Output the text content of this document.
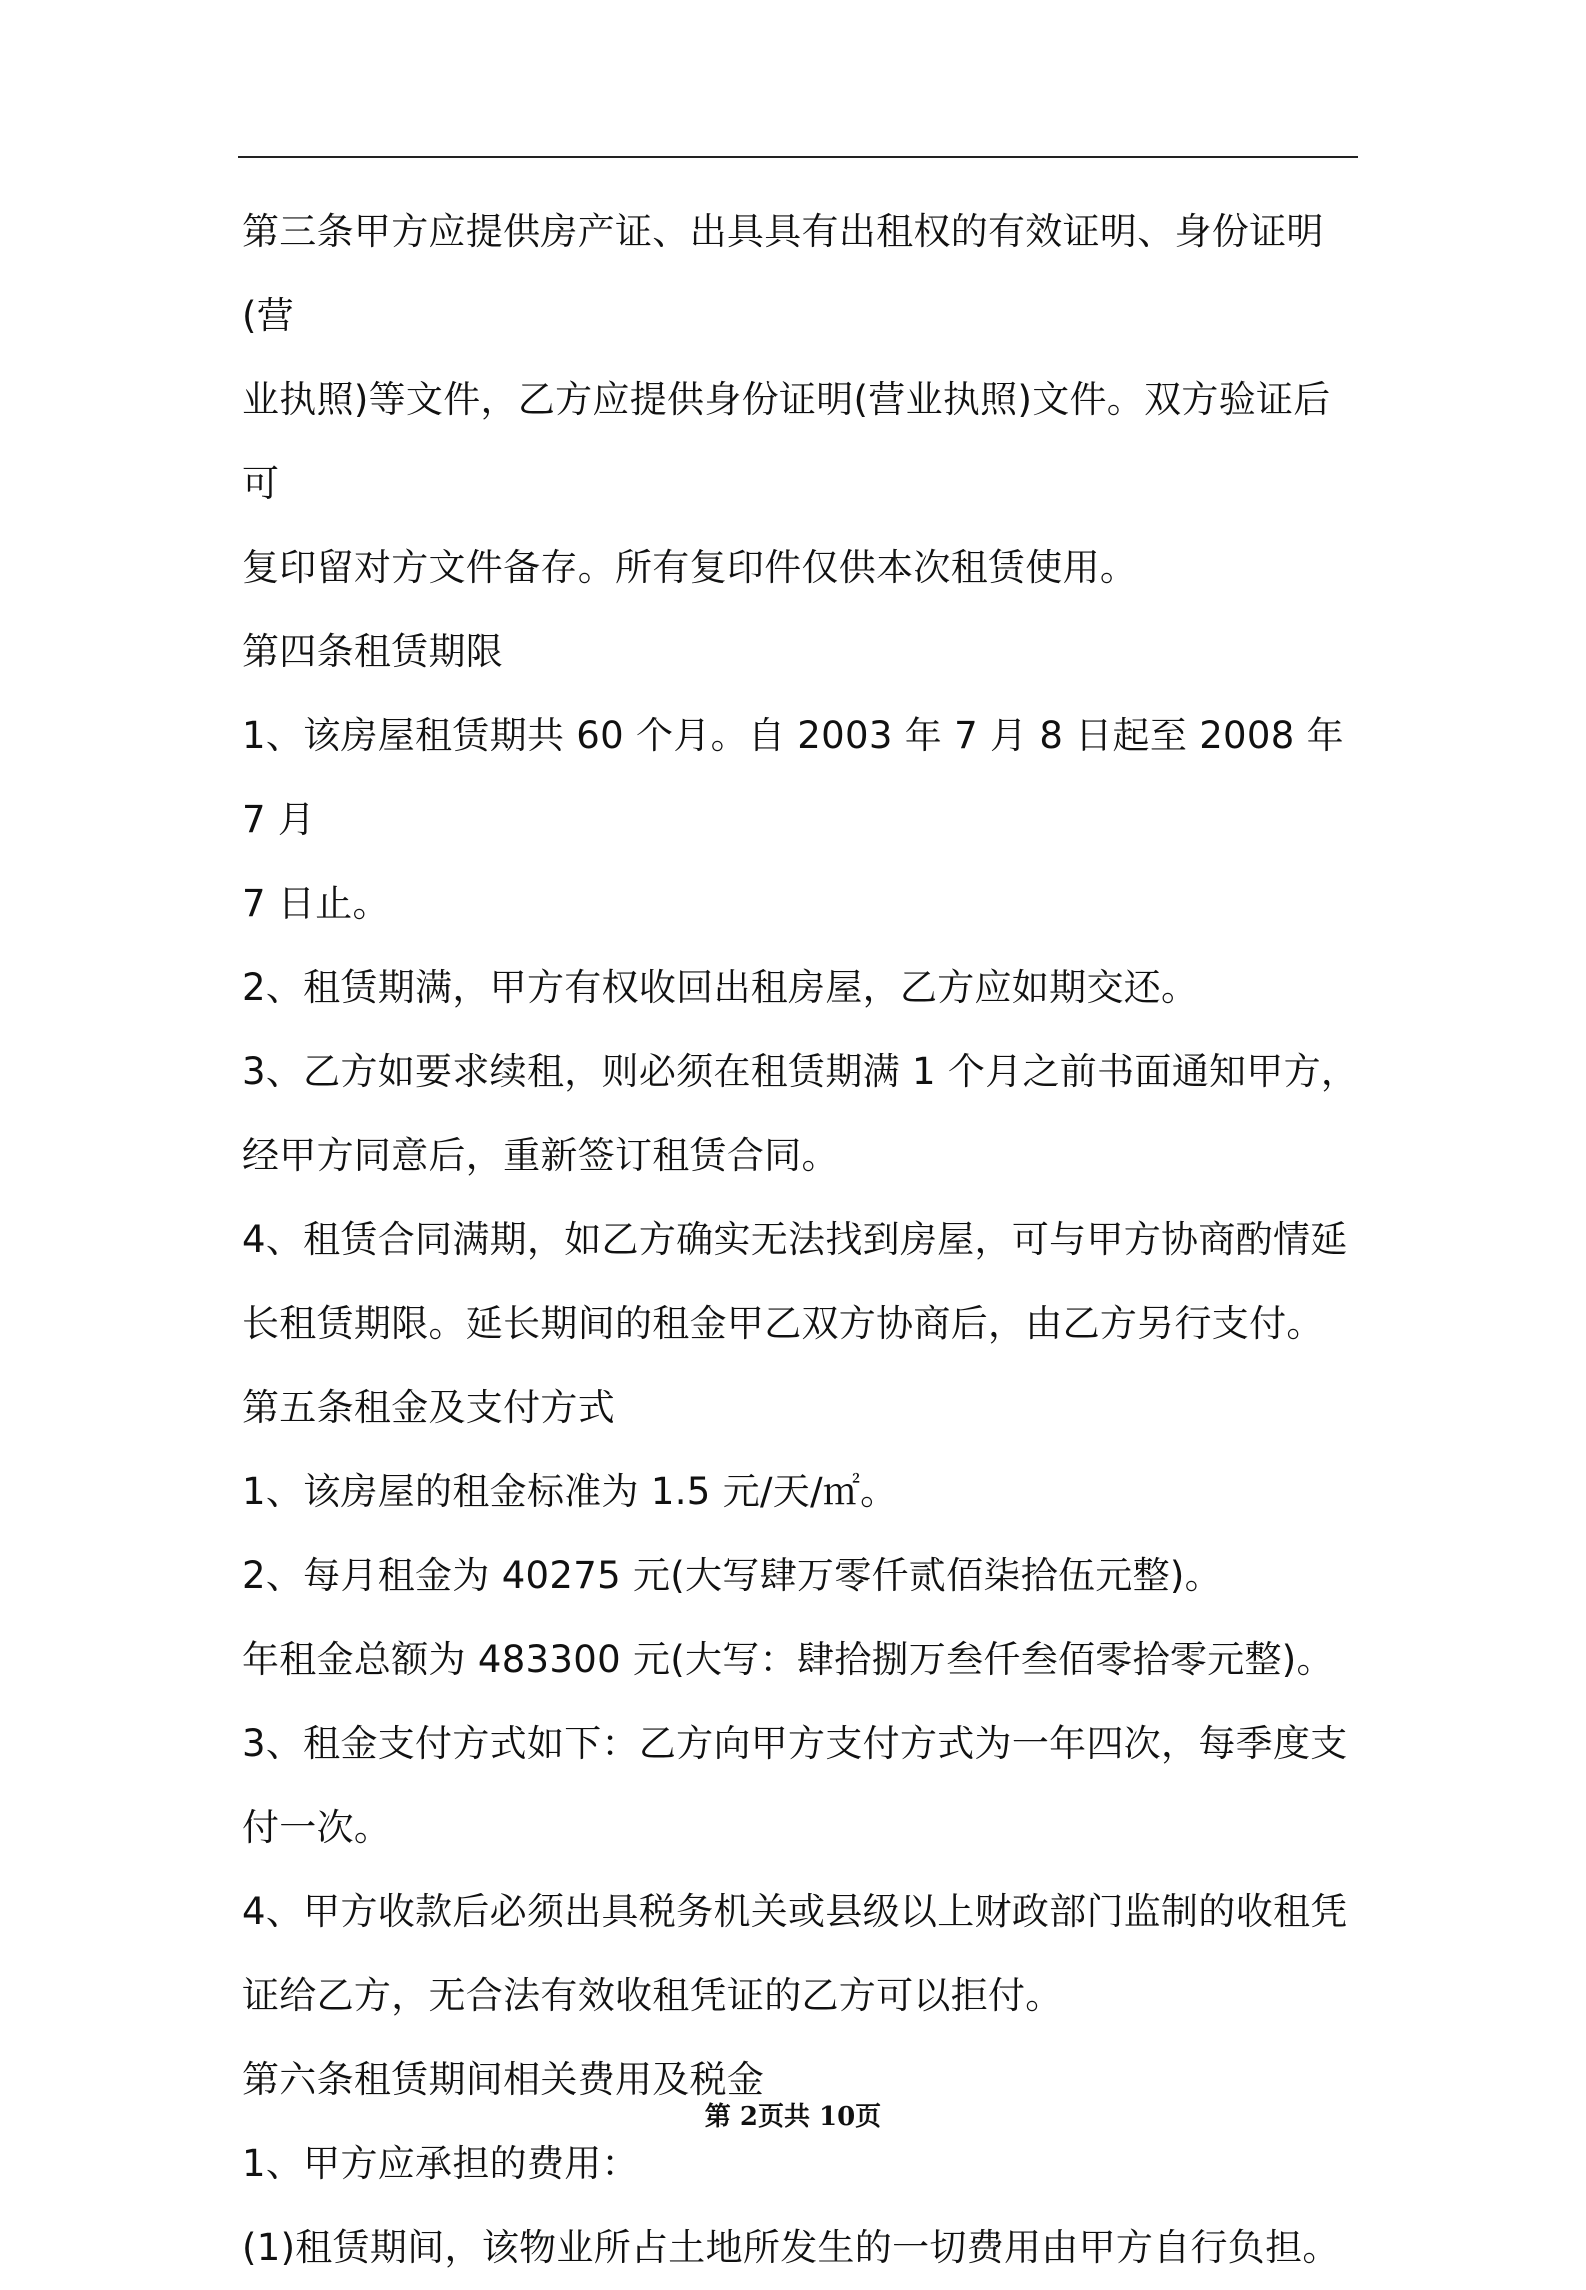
第三条甲方应提供房产证、出具具有出租权的有效证明、身份证明(营

业执照)等文件，乙方应提供身份证明(营业执照)文件。双方验证后可

复印留对方文件备存。所有复印件仅供本次租赁使用。

第四条租赁期限

1、该房屋租赁期共 60 个月。自 2003 年 7 月 8 日起至 2008 年 7 月

7 日止。

2、租赁期满，甲方有权收回出租房屋，乙方应如期交还。

3、乙方如要求续租，则必须在租赁期满 1 个月之前书面通知甲方，

经甲方同意后，重新签订租赁合同。

4、租赁合同满期，如乙方确实无法找到房屋，可与甲方协商酌情延

长租赁期限。延长期间的租金甲乙双方协商后，由乙方另行支付。

第五条租金及支付方式

1、该房屋的租金标准为 1.5 元/天/㎡。

2、每月租金为 40275 元(大写肆万零仟贰佰柒拾伍元整)。

年租金总额为 483300 元(大写：肆拾捌万叁仟叁佰零拾零元整)。

3、租金支付方式如下：乙方向甲方支付方式为一年四次，每季度支

付一次。

4、甲方收款后必须出具税务机关或县级以上财政部门监制的收租凭

证给乙方，无合法有效收租凭证的乙方可以拒付。

第六条租赁期间相关费用及税金

1、甲方应承担的费用：

(1)租赁期间，该物业所占土地所发生的一切费用由甲方自行负担。

第 2页共 10页
